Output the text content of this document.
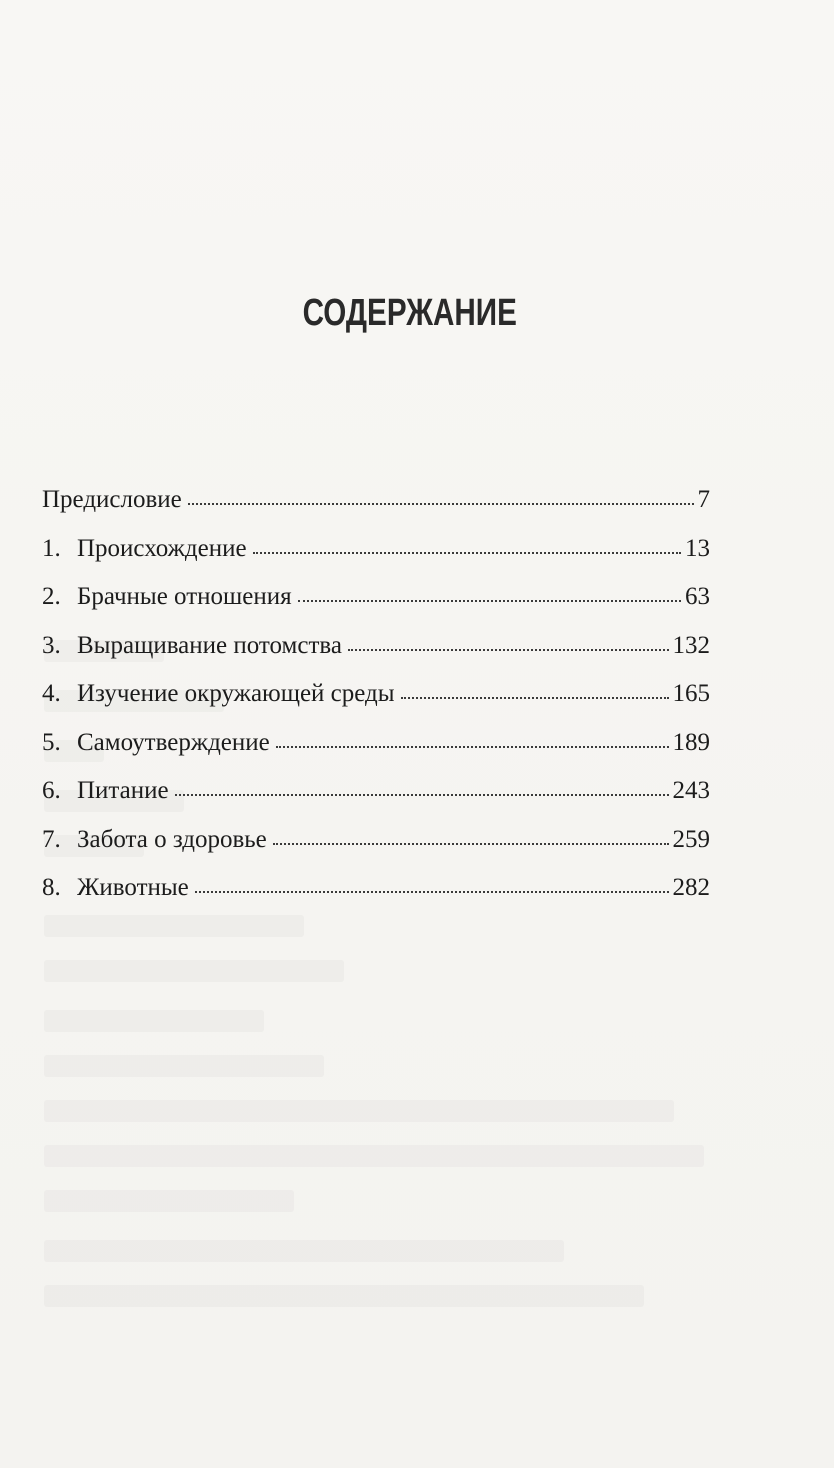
СОДЕРЖАНИЕ
Предисловие	7
1. Происхождение	13
2. Брачные отношения	63
3. Выращивание потомства	132
4. Изучение окружающей среды	165
5. Самоутверждение	189
6. Питание	243
7. Забота о здоровье	259
8. Животные	282
